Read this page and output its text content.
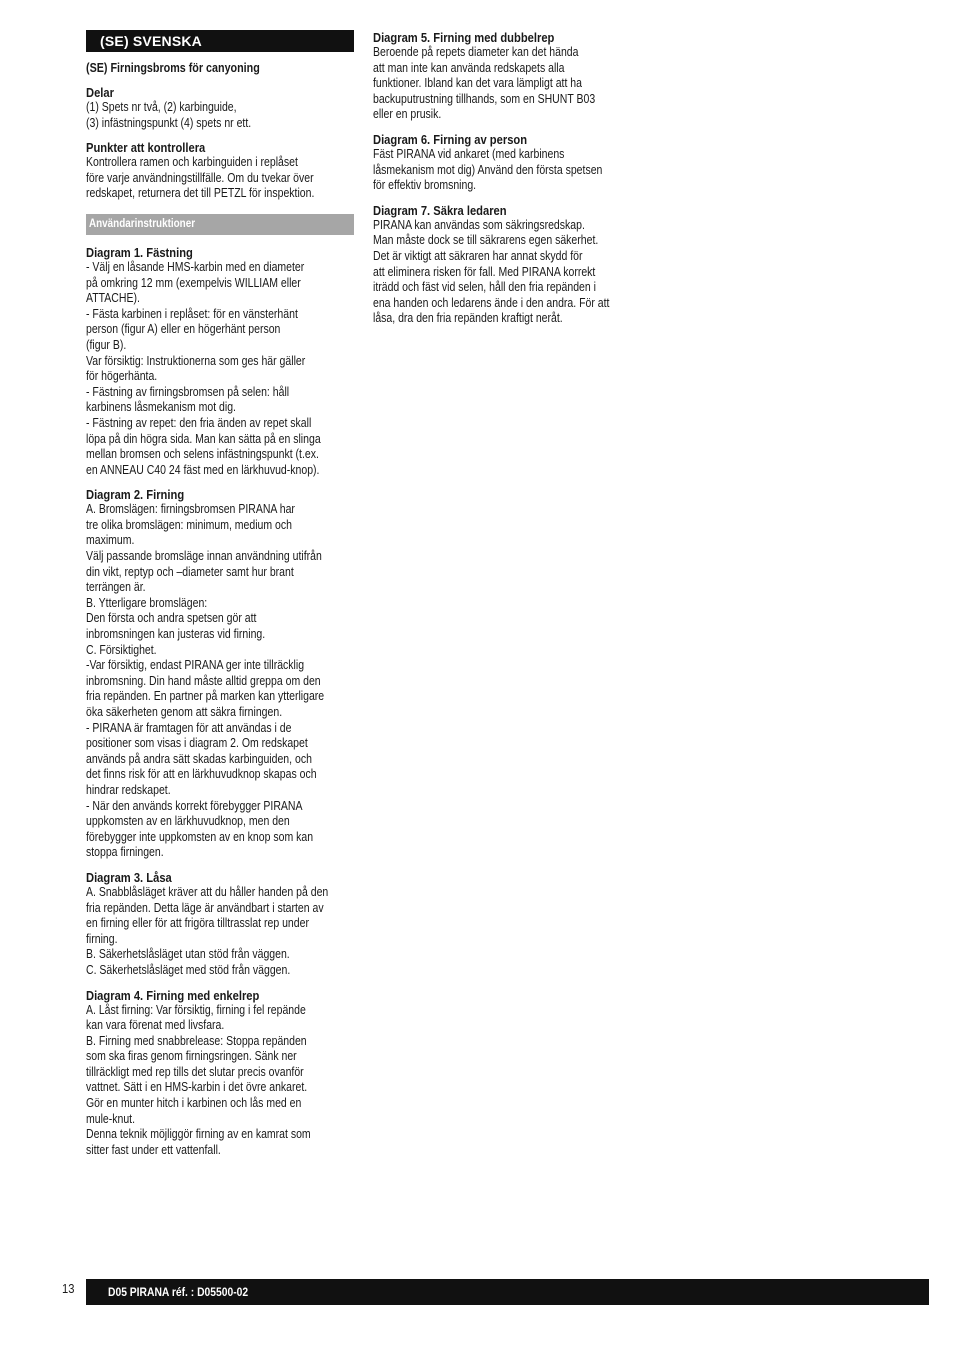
(SE) SVENSKA
(SE) Firningsbroms för canyoning
Delar
(1) Spets nr två, (2) karbinguide,
(3) infästningspunkt (4) spets nr ett.
Punkter att kontrollera
Kontrollera ramen och karbinguiden i replåset
före varje användningstillfälle. Om du tvekar över
redskapet, returnera det till PETZL för inspektion.
Användarinstruktioner
Diagram 1. Fästning
- Välj en låsande HMS-karbin med en diameter
på omkring 12 mm (exempelvis WILLIAM eller
ATTACHE).
- Fästa karbinen i replåset: för en vänsterhänt
person (figur A) eller en högerhänt person
(figur B).
Var försiktig: Instruktionerna som ges här gäller
för högerhänta.
- Fästning av firningsbromsen på selen: håll
karbinens låsmekanism mot dig.
- Fästning av repet: den fria änden av repet skall
löpa på din högra sida. Man kan sätta på en slinga
mellan bromsen och selens infästningspunkt (t.ex.
en ANNEAU C40 24 fäst med en lärkhuvud-knop).
Diagram 2. Firning
A. Bromslägen: firningsbromsen PIRANA har
tre olika bromslägen: minimum, medium och
maximum.
Välj passande bromsläge innan användning utifrån
din vikt, reptyp och –diameter samt hur brant
terrängen är.
B. Ytterligare bromslägen:
Den första och andra spetsen gör att
inbromsningen kan justeras vid firning.
C. Försiktighet.
-Var försiktig, endast PIRANA ger inte tillräcklig
inbromsning. Din hand måste alltid greppa om den
fria repänden. En partner på marken kan ytterligare
öka säkerheten genom att säkra firningen.
- PIRANA är framtagen för att användas i de
positioner som visas i diagram 2. Om redskapet
används på andra sätt skadas karbinguiden, och
det finns risk för att en lärkhuvudknop skapas och
hindrar redskapet.
- När den används korrekt förebygger PIRANA
uppkomsten av en lärkhuvudknop, men den
förebygger inte uppkomsten av en knop som kan
stoppa firningen.
Diagram 3. Låsa
A. Snabblåsläget kräver att du håller handen på den
fria repänden. Detta läge är användbart i starten av
en firning eller för att frigöra tilltrasslat rep under
firning.
B. Säkerhetslåsläget utan stöd från väggen.
C. Säkerhetslåsläget med stöd från väggen.
Diagram 4. Firning med enkelrep
A. Låst firning: Var försiktig, firning i fel repände
kan vara förenat med livsfara.
B. Firning med snabbrelease: Stoppa repänden
som ska firas genom firningsringen. Sänk ner
tillräckligt med rep tills det slutar precis ovanför
vattnet. Sätt i en HMS-karbin i det övre ankaret.
Gör en munter hitch i karbinen och lås med en
mule-knut.
Denna teknik möjliggör firning av en kamrat som
sitter fast under ett vattenfall.
Diagram 5. Firning med dubbelrep
Beroende på repets diameter kan det hända
att man inte kan använda redskapets alla
funktioner. Ibland kan det vara lämpligt att ha
backuputrustning tillhands, som en SHUNT B03
eller en prusik.
Diagram 6. Firning av person
Fäst PIRANA vid ankaret (med karbinens
låsmekanism mot dig) Använd den första spetsen
för effektiv bromsning.
Diagram 7. Säkra ledaren
PIRANA kan användas som säkringsredskap.
Man måste dock se till säkrarens egen säkerhet.
Det är viktigt att säkraren har annat skydd för
att eliminera risken för fall. Med PIRANA korrekt
iträdd och fäst vid selen, håll den fria repänden i
ena handen och ledarens ände i den andra. För att
låsa, dra den fria repänden kraftigt neråt.
13	D05 PIRANA réf. : D05500-02
